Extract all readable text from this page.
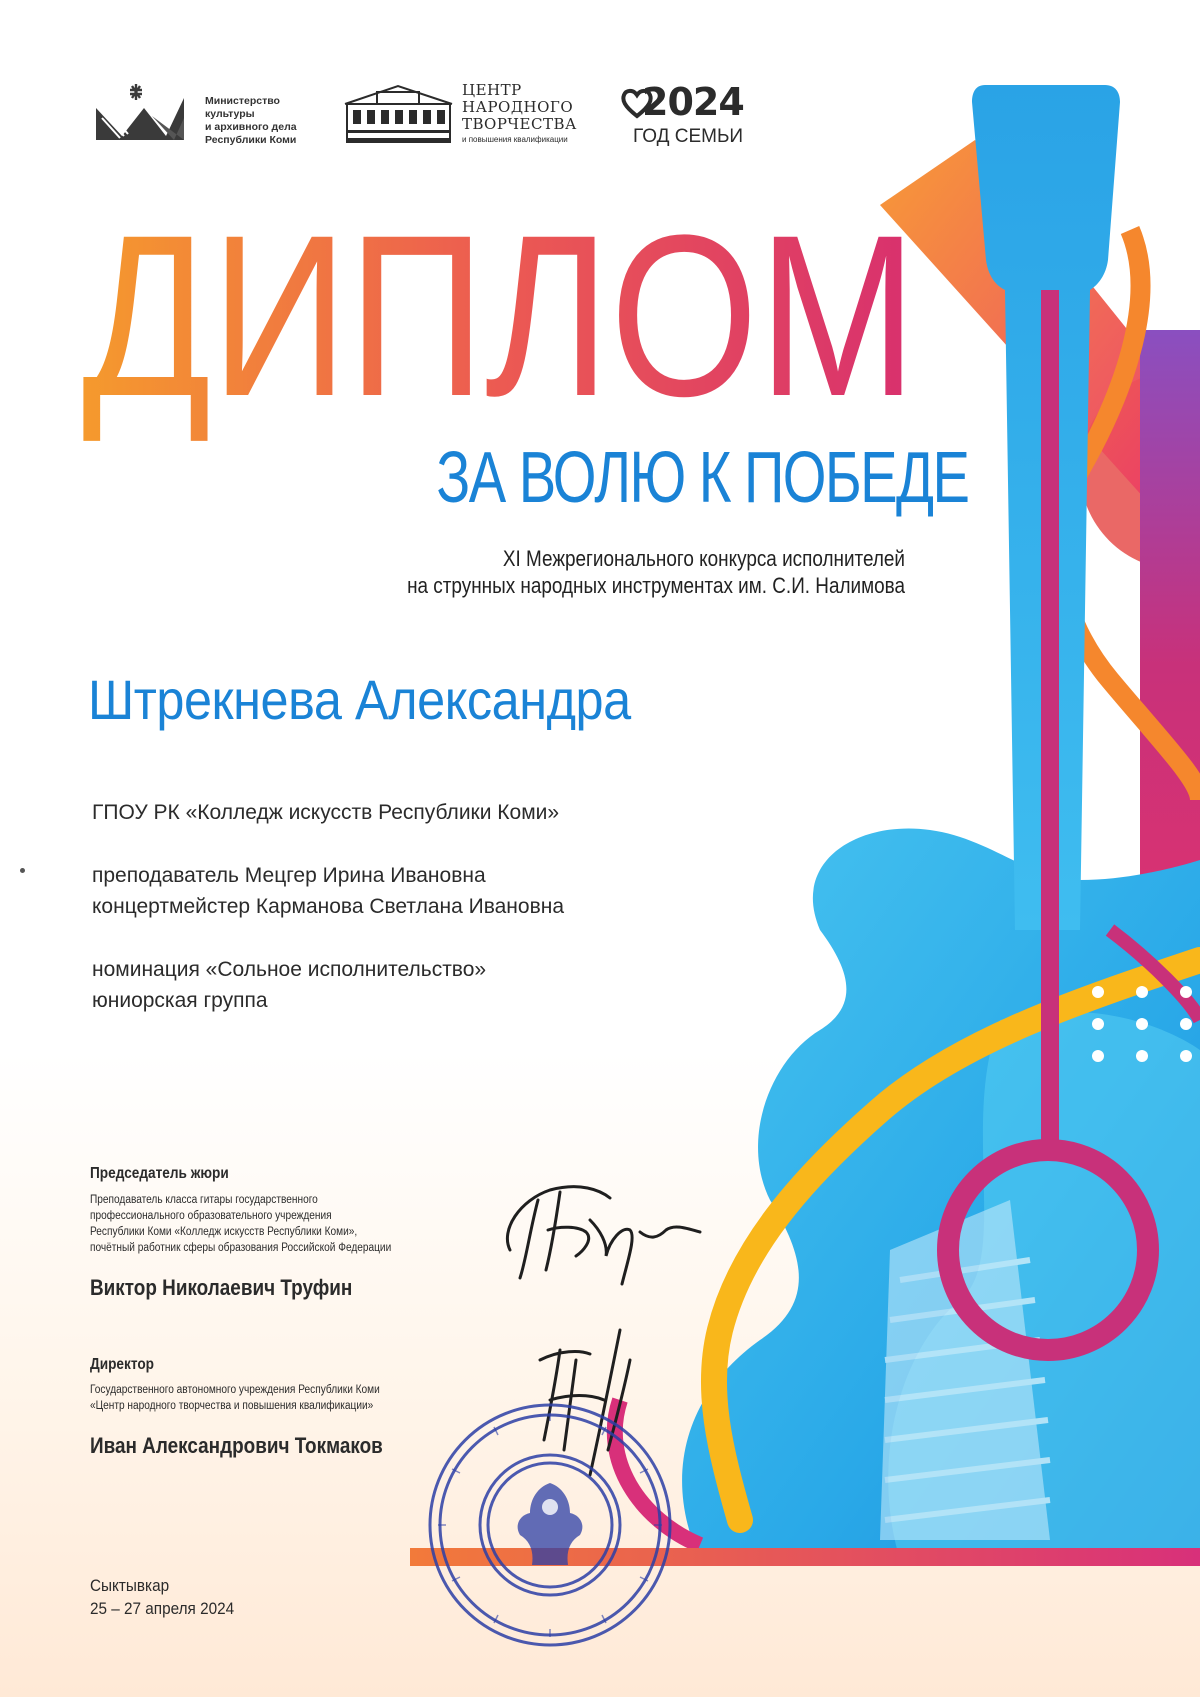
Министерство
культуры
и архивного дела
Республики Коми
ЦЕНТР
НАРОДНОГО
ТВОРЧЕСТВА
и повышения квалификации
2024
ГОД СЕМЬИ
ДИПЛОМ
ЗА ВОЛЮ К ПОБЕДЕ
XI Межрегионального конкурса исполнителей
на струнных народных инструментах им. С.И. Налимова
Штрекнева Александра
ГПОУ РК «Колледж искусств Республики Коми»
преподаватель Мецгер Ирина Ивановна
концертмейстер Карманова Светлана Ивановна
номинация «Сольное исполнительство»
юниорская группа
Председатель жюри
Преподаватель класса гитары государственного
профессионального образовательного учреждения
Республики Коми «Колледж искусств Республики Коми»,
почётный работник сферы образования Российской Федерации
Виктор Николаевич Труфин
Директор
Государственного автономного учреждения Республики Коми
«Центр народного творчества и повышения квалификации»
Иван Александрович Токмаков
Сыктывкар
25 – 27 апреля 2024
